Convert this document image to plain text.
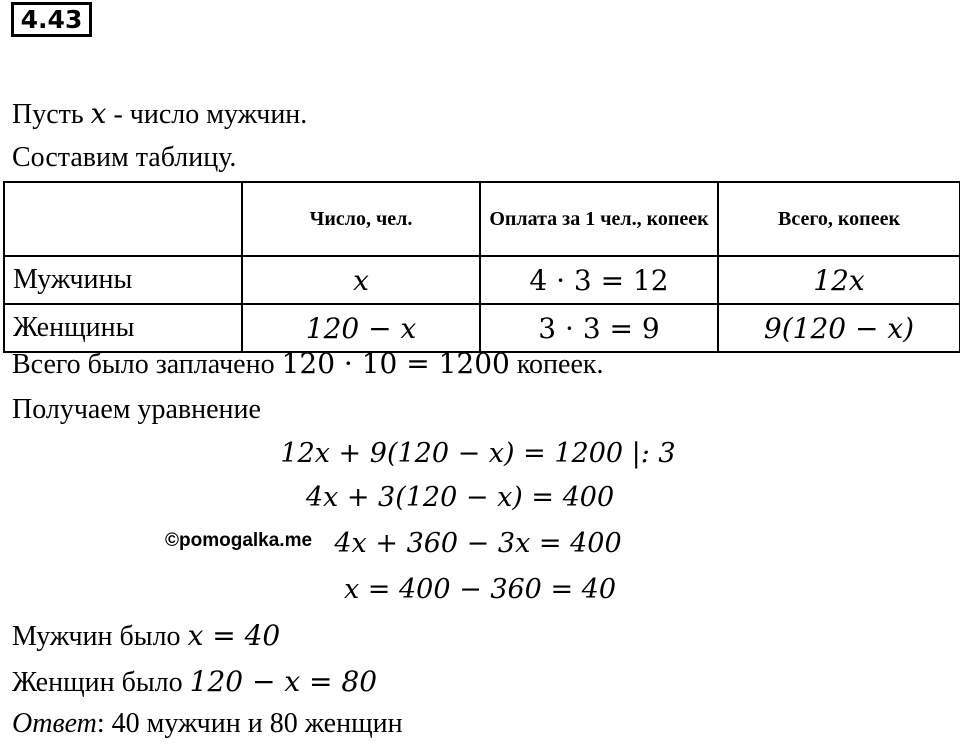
4.43
Пусть x - число мужчин.
Составим таблицу.
	Число, чел.	Оплата за 1 чел., копеек	Всего, копеек
Мужчины	x	4 · 3 = 12	12x
Женщины	120 − x	3 · 3 = 9	9(120 − x)
Всего было заплачено 120 · 10 = 1200 копеек.
Получаем уравнение
12x + 9(120 − x) = 1200 |: 3
4x + 3(120 − x) = 400
4x + 360 − 3x = 400
x = 400 − 360 = 40
©pomogalka.me
Мужчин было x = 40
Женщин было 120 − x = 80
Ответ: 40 мужчин и 80 женщин
